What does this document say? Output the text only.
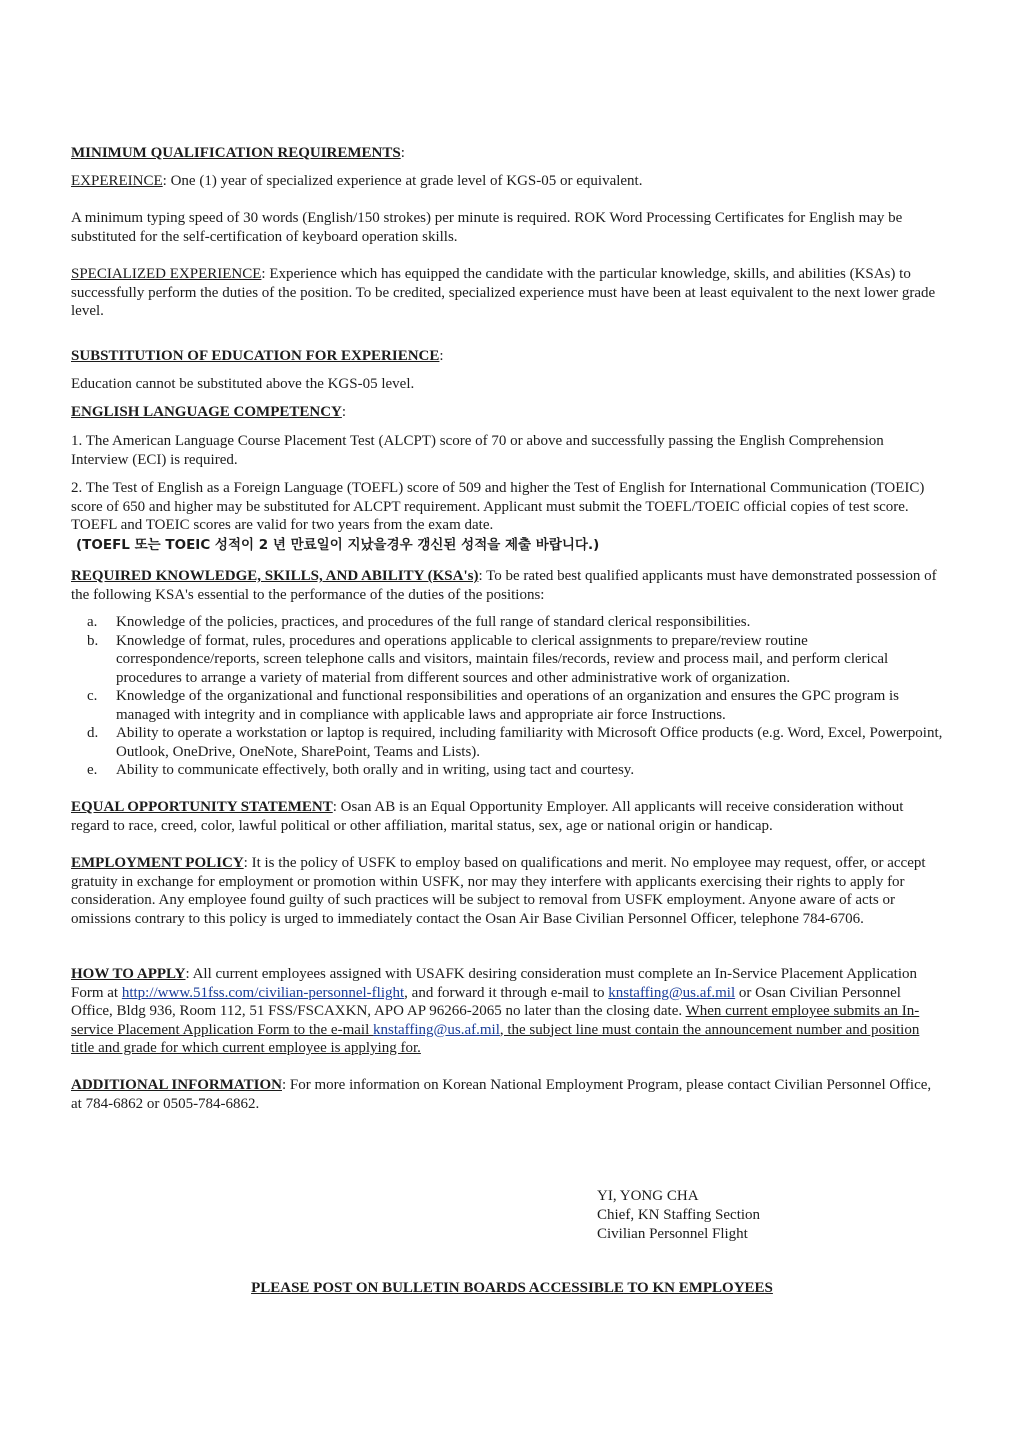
MINIMUM QUALIFICATION REQUIREMENTS:

EXPEREINCE: One (1) year of specialized experience at grade level of KGS-05 or equivalent.

A minimum typing speed of 30 words (English/150 strokes) per minute is required. ROK Word Processing Certificates for English may be substituted for the self-certification of keyboard operation skills.

SPECIALIZED EXPERIENCE: Experience which has equipped the candidate with the particular knowledge, skills, and abilities (KSAs) to successfully perform the duties of the position. To be credited, specialized experience must have been at least equivalent to the next lower grade level.

SUBSTITUTION OF EDUCATION FOR EXPERIENCE:

Education cannot be substituted above the KGS-05 level.

ENGLISH LANGUAGE COMPETENCY:

1. The American Language Course Placement Test (ALCPT) score of 70 or above and successfully passing the English Comprehension Interview (ECI) is required.

2. The Test of English as a Foreign Language (TOEFL) score of 509 and higher the Test of English for International Communication (TOEIC) score of 650 and higher may be substituted for ALCPT requirement. Applicant must submit the TOEFL/TOEIC official copies of test score. TOEFL and TOEIC scores are valid for two years from the exam date.

(TOEFL 또는 TOEIC 성적이 2 년 만료일이 지났을경우 갱신된 성적을 제출 바랍니다.)

REQUIRED KNOWLEDGE, SKILLS, AND ABILITY (KSA's): To be rated best qualified applicants must have demonstrated possession of the following KSA's essential to the performance of the duties of the positions:

a. Knowledge of the policies, practices, and procedures of the full range of standard clerical responsibilities.
b. Knowledge of format, rules, procedures and operations applicable to clerical assignments to prepare/review routine correspondence/reports, screen telephone calls and visitors, maintain files/records, review and process mail, and perform clerical procedures to arrange a variety of material from different sources and other administrative work of organization.
c. Knowledge of the organizational and functional responsibilities and operations of an organization and ensures the GPC program is managed with integrity and in compliance with applicable laws and appropriate air force Instructions.
d. Ability to operate a workstation or laptop is required, including familiarity with Microsoft Office products (e.g. Word, Excel, Powerpoint, Outlook, OneDrive, OneNote, SharePoint, Teams and Lists).
e. Ability to communicate effectively, both orally and in writing, using tact and courtesy.

EQUAL OPPORTUNITY STATEMENT: Osan AB is an Equal Opportunity Employer. All applicants will receive consideration without regard to race, creed, color, lawful political or other affiliation, marital status, sex, age or national origin or handicap.

EMPLOYMENT POLICY: It is the policy of USFK to employ based on qualifications and merit. No employee may request, offer, or accept gratuity in exchange for employment or promotion within USFK, nor may they interfere with applicants exercising their rights to apply for consideration. Any employee found guilty of such practices will be subject to removal from USFK employment. Anyone aware of acts or omissions contrary to this policy is urged to immediately contact the Osan Air Base Civilian Personnel Officer, telephone 784-6706.

HOW TO APPLY: All current employees assigned with USAFK desiring consideration must complete an In-Service Placement Application Form at http://www.51fss.com/civilian-personnel-flight, and forward it through e-mail to knstaffing@us.af.mil or Osan Civilian Personnel Office, Bldg 936, Room 112, 51 FSS/FSCAXKN, APO AP 96266-2065 no later than the closing date. When current employee submits an In-service Placement Application Form to the e-mail knstaffing@us.af.mil, the subject line must contain the announcement number and position title and grade for which current employee is applying for.

ADDITIONAL INFORMATION: For more information on Korean National Employment Program, please contact Civilian Personnel Office, at 784-6862 or 0505-784-6862.

YI, YONG CHA
Chief, KN Staffing Section
Civilian Personnel Flight
PLEASE POST ON BULLETIN BOARDS ACCESSIBLE TO KN EMPLOYEES
